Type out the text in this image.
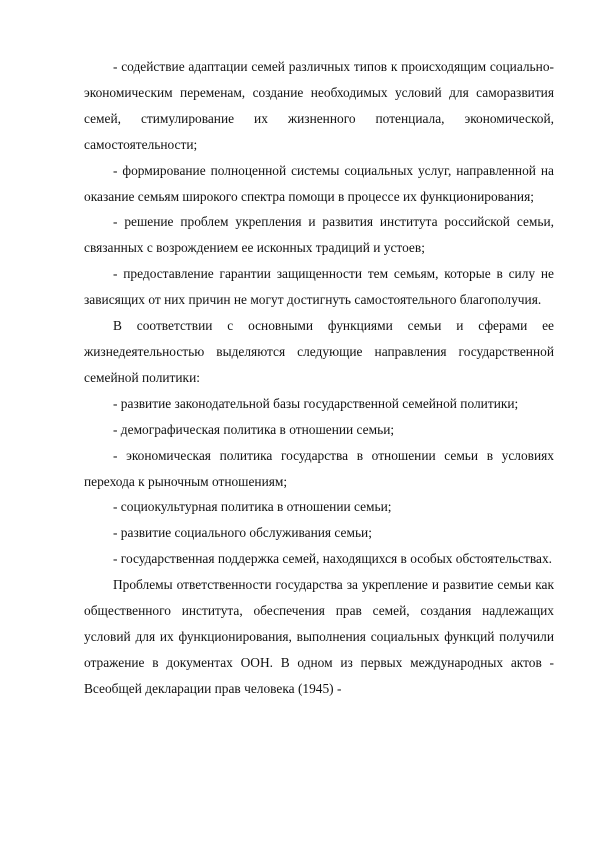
- содействие адаптации семей различных типов к происходящим социально-экономическим переменам, создание необходимых условий для саморазвития семей, стимулирование их жизненного потенциала, экономической, самостоятельности;

- формирование полноценной системы социальных услуг, направленной на оказание семьям широкого спектра помощи в процессе их функционирования;

- решение проблем укрепления и развития института российской семьи, связанных с возрождением ее исконных традиций и устоев;

- предоставление гарантии защищенности тем семьям, которые в силу не зависящих от них причин не могут достигнуть самостоятельного благополучия.

В соответствии с основными функциями семьи и сферами ее жизнедеятельностью выделяются следующие направления государственной семейной политики:

- развитие законодательной базы государственной семейной политики;

- демографическая политика в отношении семьи;

- экономическая политика государства в отношении семьи в условиях перехода к рыночным отношениям;

- социокультурная политика в отношении семьи;

- развитие социального обслуживания семьи;

- государственная поддержка семей, находящихся в особых обстоятельствах.

Проблемы ответственности государства за укрепление и развитие семьи как общественного института, обеспечения прав семей, создания надлежащих условий для их функционирования, выполнения социальных функций получили отражение в документах ООН. В одном из первых международных актов - Всеобщей декларации прав человека (1945) -
